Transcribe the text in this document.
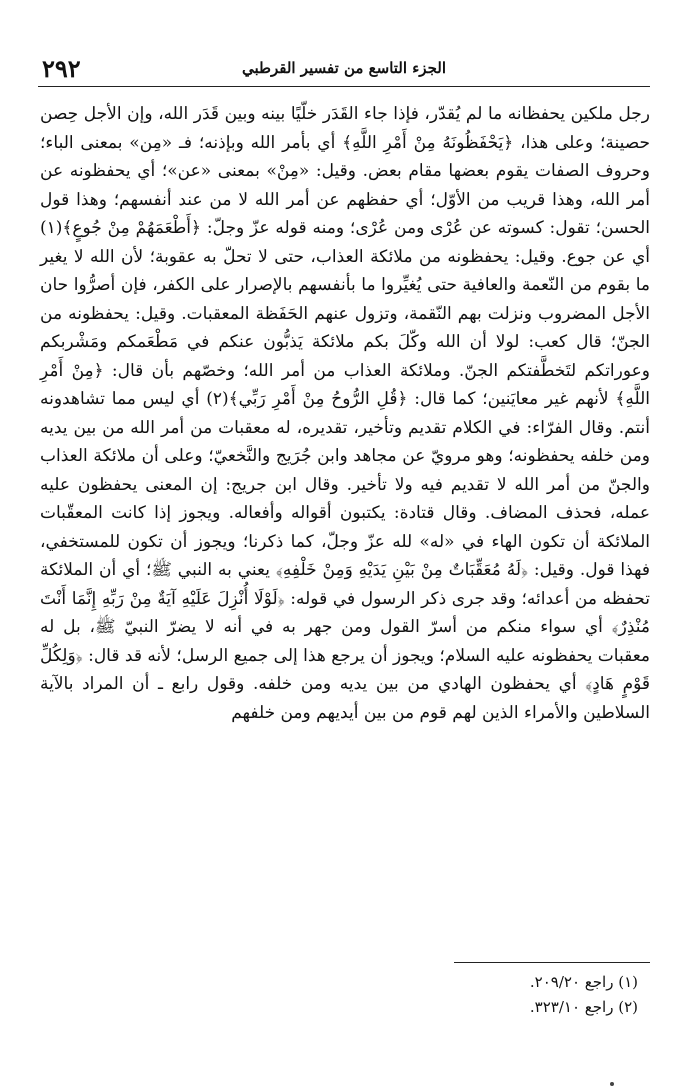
٢٩٢	الجزء التاسع من تفسير القرطبي

رجل ملكين يحفظانه ما لم يُقدّر، فإذا جاء القَدَر خلّيًا بينه وبين قَدَر الله، وإن الأجل حِصن حصينة؛ وعلى هذا، ﴿يَحْفَظُونَهُ مِنْ أَمْرِ اللَّهِ﴾ أي بأمر الله وبإذنه؛ فـ «مِن» بمعنى الباء؛ وحروف الصفات يقوم بعضها مقام بعض. وقيل: «مِنْ» بمعنى «عن»؛ أي يحفظونه عن أمر الله، وهذا قريب من الأوّل؛ أي حفظهم عن أمر الله لا من عند أنفسهم؛ وهذا قول الحسن؛ تقول: كسوته عن عُرْى ومن عُرْى؛ ومنه قوله عزّ وجلّ: ﴿أَطْعَمَهُمْ مِنْ جُوعٍ﴾(١) أي عن جوع. وقيل: يحفظونه من ملائكة العذاب، حتى لا تحلّ به عقوبة؛ لأن الله لا يغير ما بقوم من النّعمة والعافية حتى يُغيِّروا ما بأنفسهم بالإصرار على الكفر، فإن أصرُّوا حان الأجل المضروب ونزلت بهم النّقمة، وتزول عنهم الحَفَظة المعقبات. وقيل: يحفظونه من الجنّ؛ قال كعب: لولا أن الله وكّلَ بكم ملائكة يَذبُّون عنكم في مَطْعَمكم ومَشْربكم وعوراتكم لتَخطَّفتكم الجنّ. وملائكة العذاب من أمر الله؛ وخصّهم بأن قال: ﴿مِنْ أَمْرِ اللَّهِ﴾ لأنهم غير معايَنين؛ كما قال: ﴿قُلِ الرُّوحُ مِنْ أَمْرِ رَبِّي﴾(٢) أي ليس مما تشاهدونه أنتم. وقال الفرّاء: في الكلام تقديم وتأخير، تقديره، له معقبات من أمر الله من بين يديه ومن خلفه يحفظونه؛ وهو مرويّ عن مجاهد وابن جُرَيج والنَّخعيّ؛ وعلى أن ملائكة العذاب والجنّ من أمر الله لا تقديم فيه ولا تأخير. وقال ابن جريج: إن المعنى يحفظون عليه عمله، فحذف المضاف. وقال قتادة: يكتبون أقواله وأفعاله. ويجوز إذا كانت المعقّبات الملائكة أن تكون الهاء في «له» لله عزّ وجلّ، كما ذكرنا؛ ويجوز أن تكون للمستخفي، فهذا قول. وقيل: ﴿لَهُ مُعَقِّبَاتٌ مِنْ بَيْنِ يَدَيْهِ وَمِنْ خَلْفِهِ﴾ يعني به النبي ﷺ؛ أي أن الملائكة تحفظه من أعدائه؛ وقد جرى ذكر الرسول في قوله: ﴿لَوْلَا أُنْزِلَ عَلَيْهِ آيَةٌ مِنْ رَبِّهِ إِنَّمَا أَنْتَ مُنْذِرٌ﴾ أي سواء منكم من أسرّ القول ومن جهر به في أنه لا يضرّ النبيّ ﷺ، بل له معقبات يحفظونه عليه السلام؛ ويجوز أن يرجع هذا إلى جميع الرسل؛ لأنه قد قال: ﴿وَلِكُلِّ قَوْمٍ هَادٍ﴾ أي يحفظون الهادي من بين يديه ومن خلفه. وقول رابع ـ أن المراد بالآية السلاطين والأمراء الذين لهم قوم من بين أيديهم ومن خلفهم

(١) راجع ٢٠٩/٢٠.
(٢) راجع ٣٢٣/١٠.
